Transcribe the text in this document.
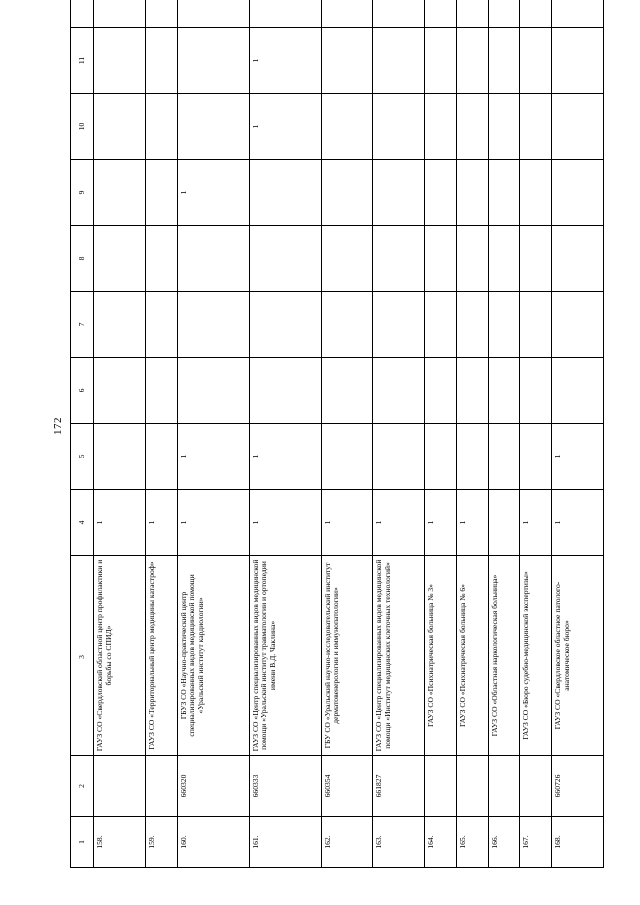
172
1	2	3	4	5	6	7	8	9	10	11		
158.		ГАУЗ СО «Свердловский областной центр профилактики и борьбы со СПИД»	1									
159.		ГАУЗ СО «Территориальный центр медицины катастроф»	1									
160.	660320	ГБУЗ СО «Научно-практический центр специализированных видов медицинской помощи «Уральский институт кардиологии»	1	1				1				
161.	660333	ГАУЗ СО «Центр специализированных видов медицинской помощи «Уральский институт травматологии и ортопедии имени В.Д. Чаклина»	1	1					1	1		
162.	660354	ГБУ СО «Уральский научно-исследовательский институт дерматовенерологии и иммунопатологии»	1									
163.	661827	ГАУЗ СО «Центр специализированных видов медицинской помощи «Институт медицинских клеточных технологий»	1									
164.		ГАУЗ СО «Психиатрическая больница № 3»	1									
165.		ГАУЗ СО «Психиатрическая больница № 6»	1									
166.		ГАУЗ СО «Областная наркологическая больница»										
167.		ГАУЗ СО «Бюро судебно-медицинской экспертизы»	1									
168.	660726	ГАУЗ СО «Свердловское областное патолого-анатомическое бюро»	1	1								
